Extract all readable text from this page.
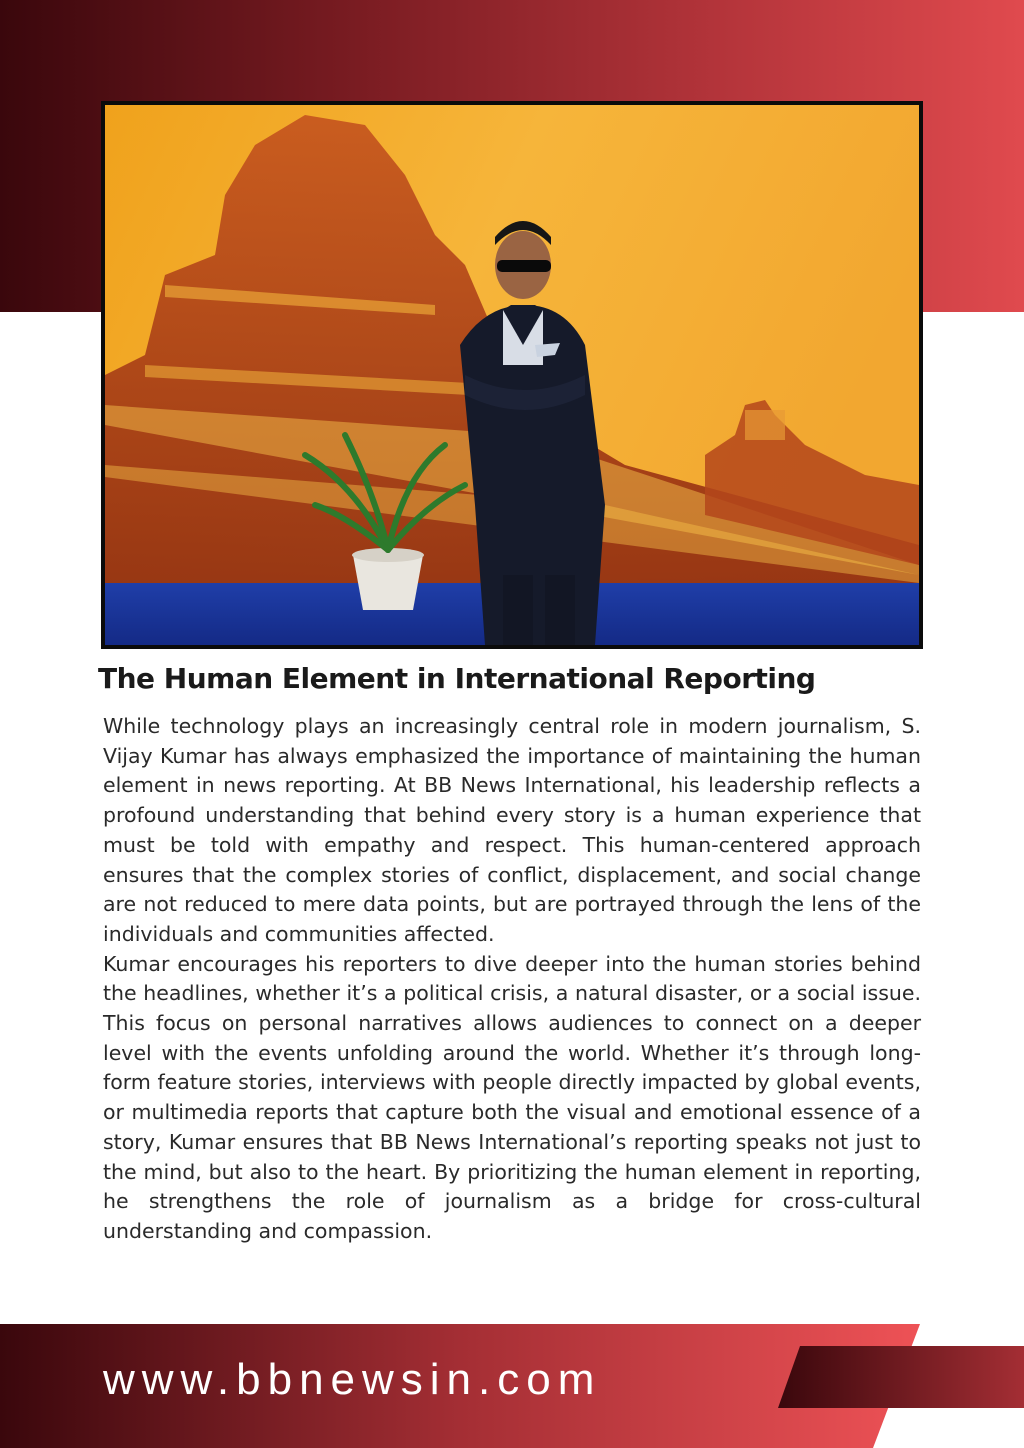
The Human Element in International Reporting

While technology plays an increasingly central role in modern journalism, S. Vijay Kumar has always emphasized the importance of maintaining the human element in news reporting. At BB News International, his leadership reflects a profound understanding that behind every story is a human experience that must be told with empathy and respect. This human-centered approach ensures that the complex stories of conflict, displacement, and social change are not reduced to mere data points, but are portrayed through the lens of the individuals and communities affected.

Kumar encourages his reporters to dive deeper into the human stories behind the headlines, whether it’s a political crisis, a natural disaster, or a social issue. This focus on personal narratives allows audiences to connect on a deeper level with the events unfolding around the world. Whether it’s through long-form feature stories, interviews with people directly impacted by global events, or multimedia reports that capture both the visual and emotional essence of a story, Kumar ensures that BB News International’s reporting speaks not just to the mind, but also to the heart. By prioritizing the human element in reporting, he strengthens the role of journalism as a bridge for cross-cultural understanding and compassion.

www.bbnewsin.com
